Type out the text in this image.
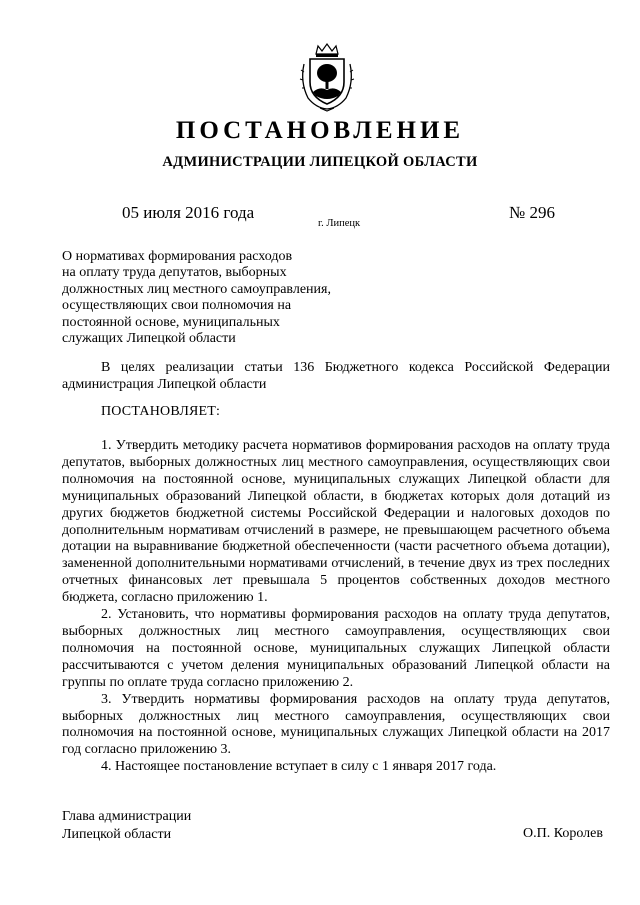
ПОСТАНОВЛЕНИЕ
АДМИНИСТРАЦИИ ЛИПЕЦКОЙ ОБЛАСТИ
05 июля 2016 года
г. Липецк
№ 296
О нормативах формирования расходов
на оплату труда депутатов, выборных
должностных лиц местного самоуправления,
осуществляющих свои полномочия на
постоянной основе, муниципальных
служащих Липецкой области
В целях реализации статьи 136 Бюджетного кодекса Российской Федерации администрация Липецкой области
ПОСТАНОВЛЯЕТ:

1. Утвердить методику расчета нормативов формирования расходов на оплату труда депутатов, выборных должностных лиц местного самоуправления, осуществляющих свои полномочия на постоянной основе, муниципальных служащих Липецкой области для муниципальных образований Липецкой области, в бюджетах которых доля дотаций из других бюджетов бюджетной системы Российской Федерации и налоговых доходов по дополнительным нормативам отчислений в размере, не превышающем расчетного объема дотации на выравнивание бюджетной обеспеченности (части расчетного объема дотации), замененной дополнительными нормативами отчислений, в течение двух из трех последних отчетных финансовых лет превышала 5 процентов собственных доходов местного бюджета, согласно приложению 1.

2. Установить, что нормативы формирования расходов на оплату труда депутатов, выборных должностных лиц местного самоуправления, осуществляющих свои полномочия на постоянной основе, муниципальных служащих Липецкой области рассчитываются с учетом деления муниципальных образований Липецкой области на группы по оплате труда согласно приложению 2.

3. Утвердить нормативы формирования расходов на оплату труда депутатов, выборных должностных лиц местного самоуправления, осуществляющих свои полномочия на постоянной основе, муниципальных служащих Липецкой области на 2017 год согласно приложению 3.

4. Настоящее постановление вступает в силу с 1 января 2017 года.

Глава администрации
Липецкой области	О.П. Королев
